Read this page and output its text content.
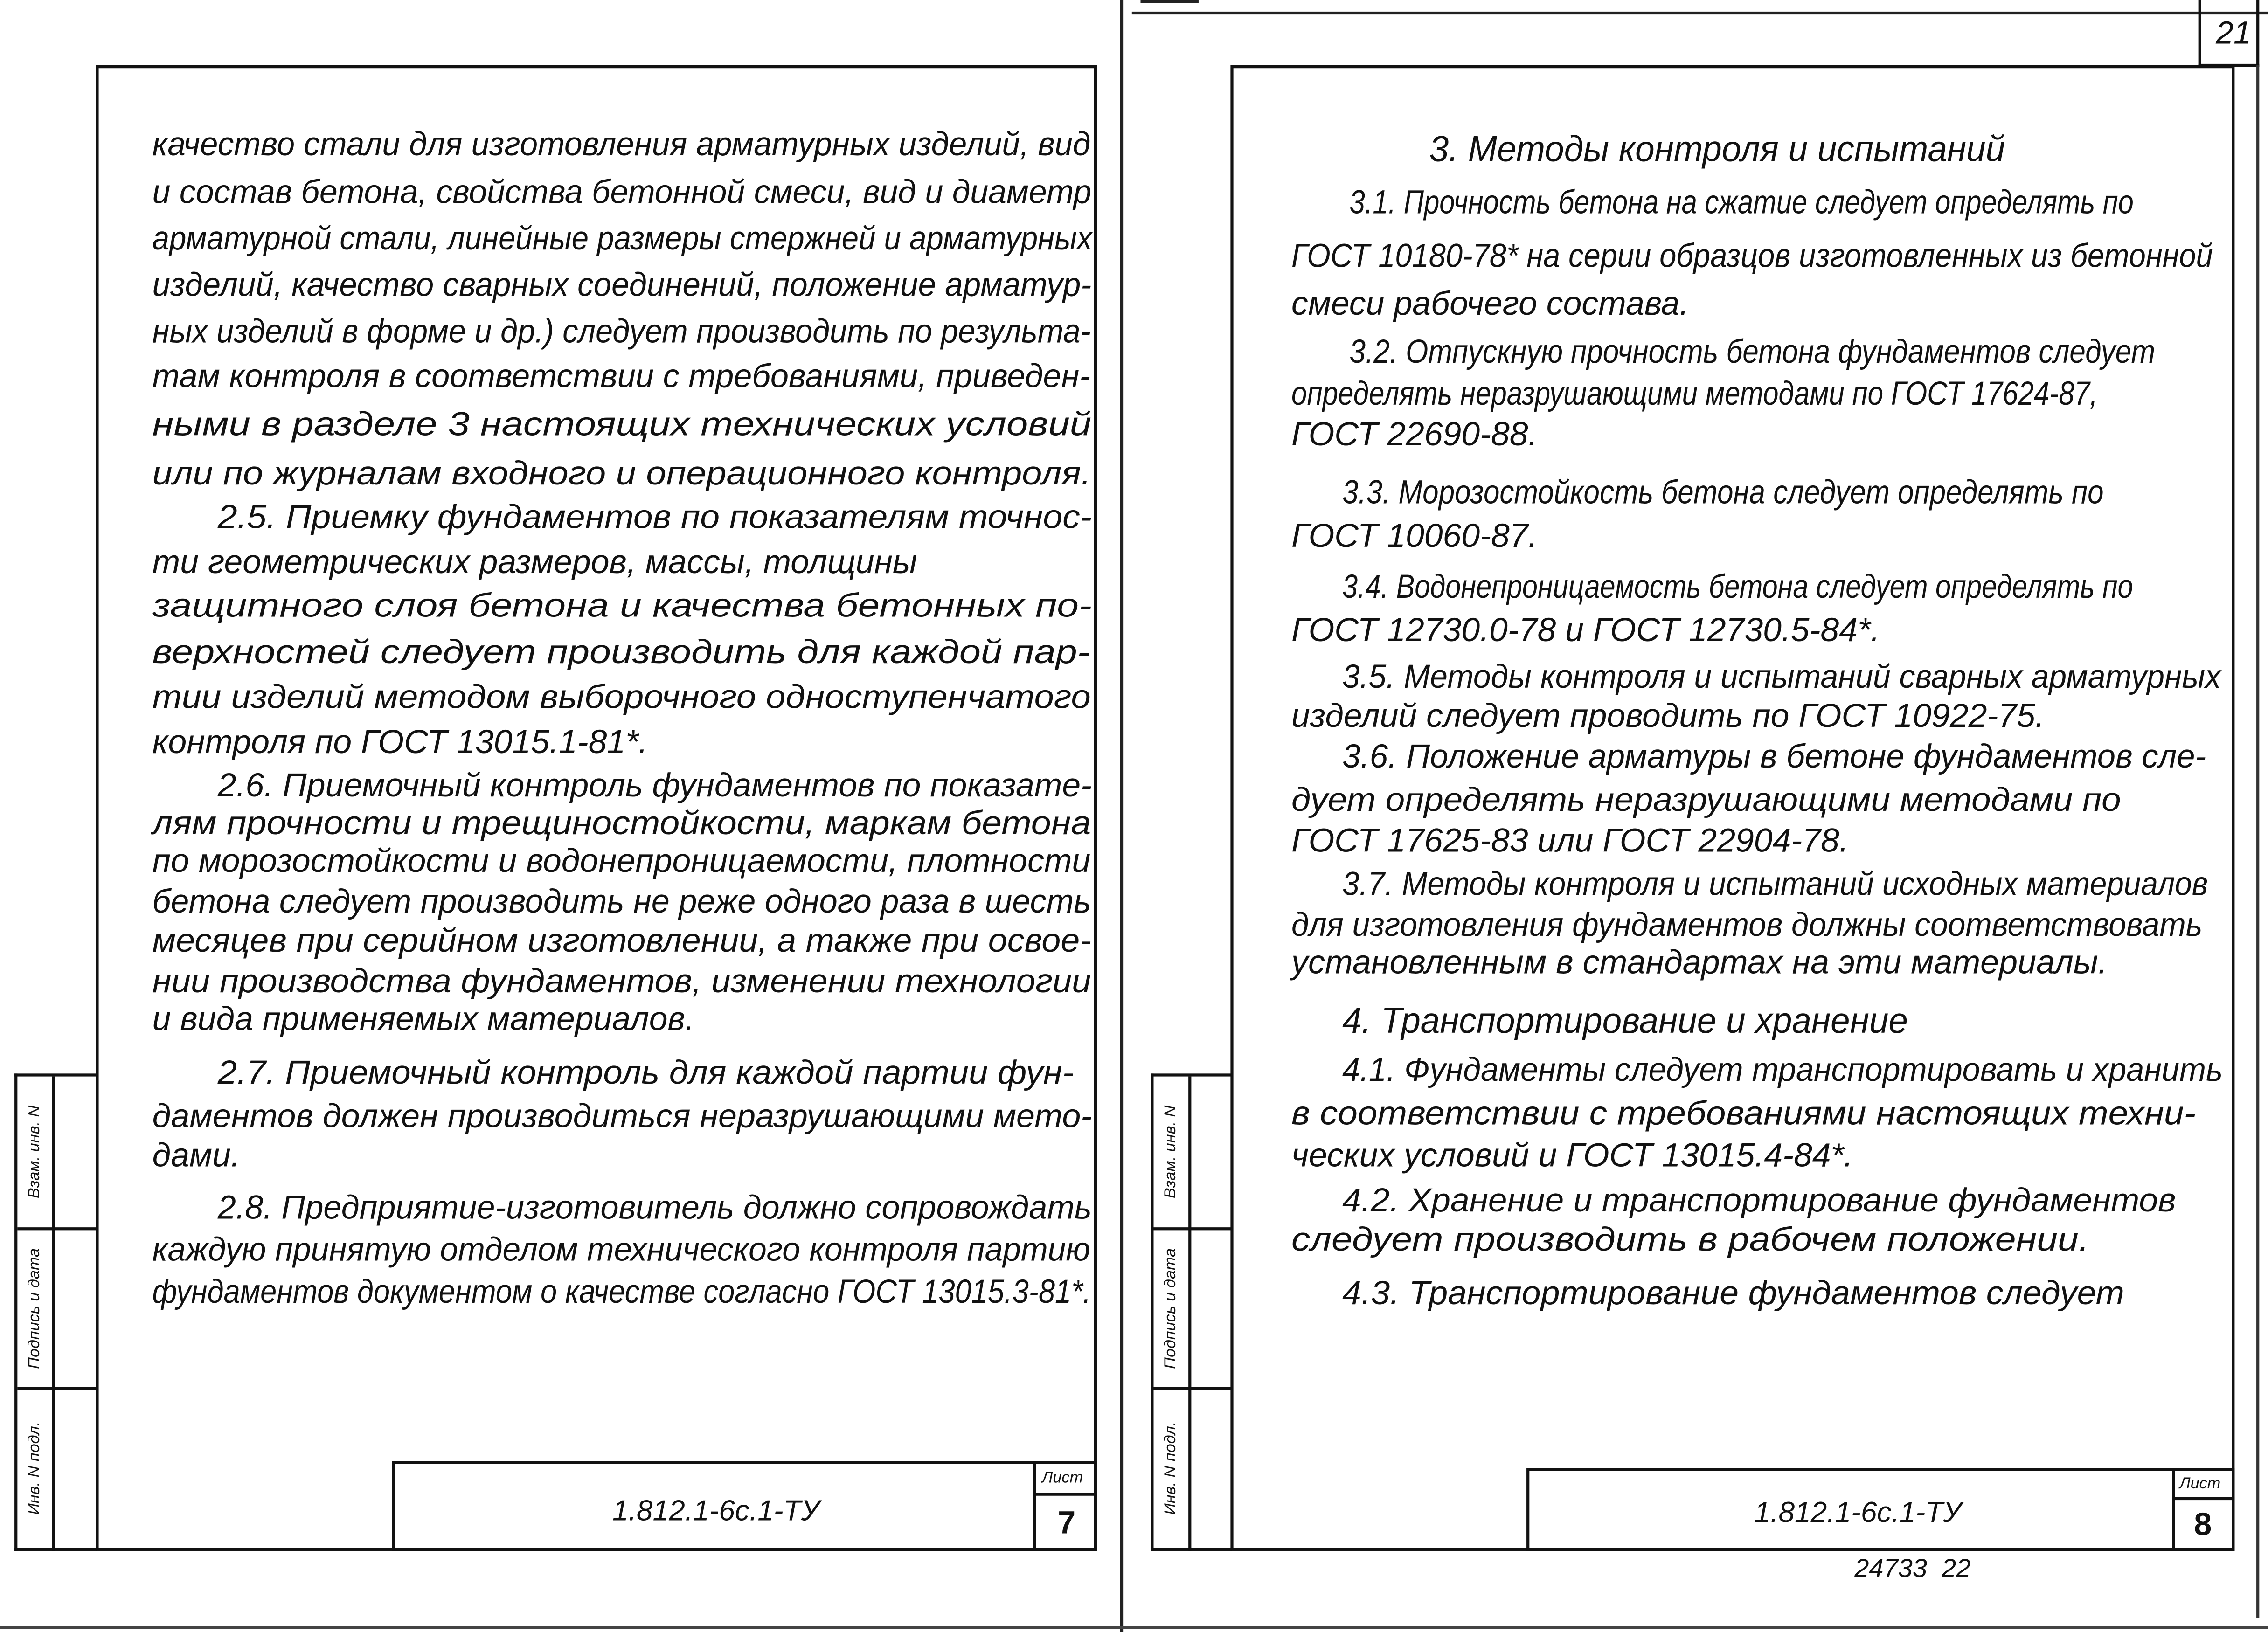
Взам. инв. N
Подпись и дата
Инв. N подл.	1.812.1-6с.1-ТУ
Лист
7
качество стали для изготовления арматурных изделий, вид
и состав бетона, свойства бетонной смеси, вид и диаметр
арматурной стали, линейные размеры стержней и арматурных
изделий, качество сварных соединений, положение арматур-
ных изделий в форме и др.) следует производить по результа-
там контроля в соответствии с требованиями, приведен-
ными в разделе 3 настоящих технических условий
или по журналам входного и операционного контроля.
2.5. Приемку фундаментов по показателям точнос-
ти геометрических размеров, массы, толщины
защитного слоя бетона и качества бетонных по-
верхностей следует производить для каждой пар-
тии изделий методом выборочного одноступенчатого
контроля по ГОСТ 13015.1-81*.
2.6. Приемочный контроль фундаментов по показате-
лям прочности и трещиностойкости, маркам бетона
по морозостойкости и водонепроницаемости, плотности
бетона следует производить не реже одного раза в шесть
месяцев при серийном изготовлении, а также при освое-
нии производства фундаментов, изменении технологии
и вида применяемых материалов.
2.7. Приемочный контроль для каждой партии фун-
даментов должен производиться неразрушающими мето-
дами.
2.8. Предприятие-изготовитель должно сопровождать
каждую принятую отделом технического контроля партию
фундаментов документом о качестве согласно ГОСТ 13015.3-81*.
21
Взам. инв. N
Подпись и дата
Инв. N подл.	1.812.1-6с.1-ТУ
Лист
8
24733  22
3. Методы контроля и испытаний
3.1. Прочность бетона на сжатие следует определять по
ГОСТ 10180-78* на серии образцов изготовленных из бетонной
смеси рабочего состава.
3.2. Отпускную прочность бетона фундаментов следует
определять неразрушающими методами по ГОСТ 17624-87,
ГОСТ 22690-88.
3.3. Морозостойкость бетона следует определять по
ГОСТ 10060-87.
3.4. Водонепроницаемость бетона следует определять по
ГОСТ 12730.0-78 и ГОСТ 12730.5-84*.
3.5. Методы контроля и испытаний сварных арматурных
изделий следует проводить по ГОСТ 10922-75.
3.6. Положение арматуры в бетоне фундаментов сле-
дует определять неразрушающими методами по
ГОСТ 17625-83 или ГОСТ 22904-78.
3.7. Методы контроля и испытаний исходных материалов
для изготовления фундаментов должны соответствовать
установленным в стандартах на эти материалы.
4. Транспортирование и хранение
4.1. Фундаменты следует транспортировать и хранить
в соответствии с требованиями настоящих техни-
ческих условий и ГОСТ 13015.4-84*.
4.2. Хранение и транспортирование фундаментов
следует производить в рабочем положении.
4.3. Транспортирование фундаментов следует
